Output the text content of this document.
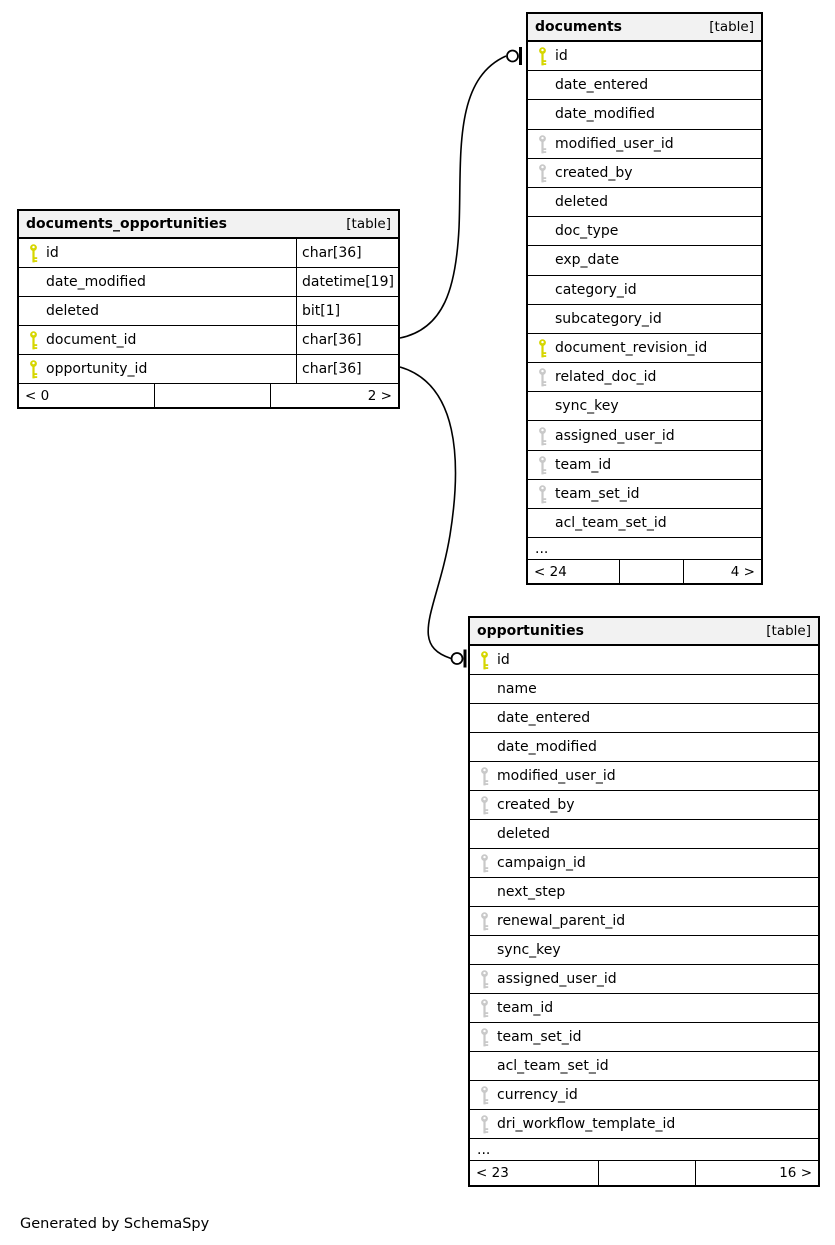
documents_opportunities	[table]
id	char[36]
date_modified	datetime[19]
deleted	bit[1]
document_id	char[36]
opportunity_id	char[36]
< 0	2 >
documents	[table]
id
date_entered
date_modified
modified_user_id
created_by
deleted
doc_type
exp_date
category_id
subcategory_id
document_revision_id
related_doc_id
sync_key
assigned_user_id
team_id
team_set_id
acl_team_set_id
...
< 24	4 >
opportunities	[table]
id
name
date_entered
date_modified
modified_user_id
created_by
deleted
campaign_id
next_step
renewal_parent_id
sync_key
assigned_user_id
team_id
team_set_id
acl_team_set_id
currency_id
dri_workflow_template_id
...
< 23	16 >
Generated by SchemaSpy
